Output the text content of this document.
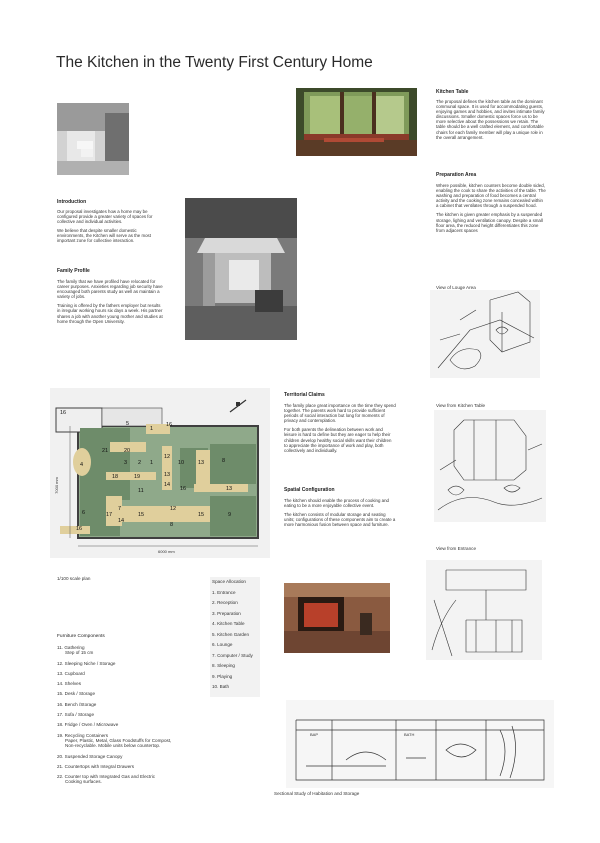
The Kitchen in the Twenty First Century Home
Kitchen Table

The proposal defines the kitchen table as the dominant communal space. It is used for accommodating guests, enjoying games and hobbies, and invites intimate family discussions. Smaller domestic spaces force us to be more selective about the possessions we retain. The table should be a well crafted element, and comfortable chairs for each family member will play a unique role in the overall arrangement.

Preparation Area

Where possible, kitchen counters become double sided, enabling the cook to share the activities of the table. The washing and preparation of food becomes a central activity and the cooking zone remains concealed within a cabinet that ventilates through a suspended hood.

The kitchen is given greater emphasis by a suspended storage, lighing and ventilation canopy. Despite a small floor area, the reduced height differentiates this zone from adjacent spaces

Introduction

Our proposal investigates how a home may be configured provide a greater variety of spaces for collective and individual activities.

We believe that despite smaller domestic environments, the Kitchen will serve as the most important zone for collective interaction.

Family Profile

The family that we have profiled have relocated for career purposes. Anxieties regarding job security have encouraged both parents study as well as maintain a variety of jobs.

Training is offered by the fathers employer but results in irregular working hours six days a week. His partner shares a job with another young mother and studies at home through the Open University.

View of Louge Area
6000 mm
7000 mm
16
5
1
16
21	20
3 2 1
12
10	13	8
4
18	19
11
13
14
16	13
6	17
7
14
15
12
15	9
16
8
Territorial Claims

The family place great importance on the time they spend together. The parents work hard to provide sufficient periods of social interaction but long for moments of privacy and contemplation.

For both parents the delineation between work and leisure is hard to define but they are eager to help their children develop healthy social skills want their children to appreciate the importance of work and play, both collectively and individually.

View from Kitchen Table
Spatial Configuration

The kitchen should enable the process of cooking and eating to be a more enjoyable collective event.

The kitchen consists of modular storage and seating units; configurations of these components aim to create a more harmonious fusion between space and furniture.

View from Entrance
1/100 scale plan
Space Allocation
1. Entrance
2. Reception
3. Preparation
4. Kitchen Table
5. Kitchen Garden
6. Lounge
7. Computer / Study
8. Sleeping
9. Playing
10. Bath
Furniture Components
11. Gathering
Step of 15 cm
12. Sleeping Niche / Storage
13. Cupboard
14. Shelves
15. Desk / Storage
16. Bench /Storage
17. Sofa / Storage
18. Fridge / Oven / Microwave
19. Recycling Containers
Paper, Plastic, Metal, Glass Foodstuffs for Compost, Non-recyclable. Mobile units below countertop.
20. Suspended Storage Canopy
21. Countertops with Integral Drawers
22. Counter top with Integrated Gas and Electric
Cooking surfaces.
BAP	BATH
Sectional Study of Habitation and Storage
